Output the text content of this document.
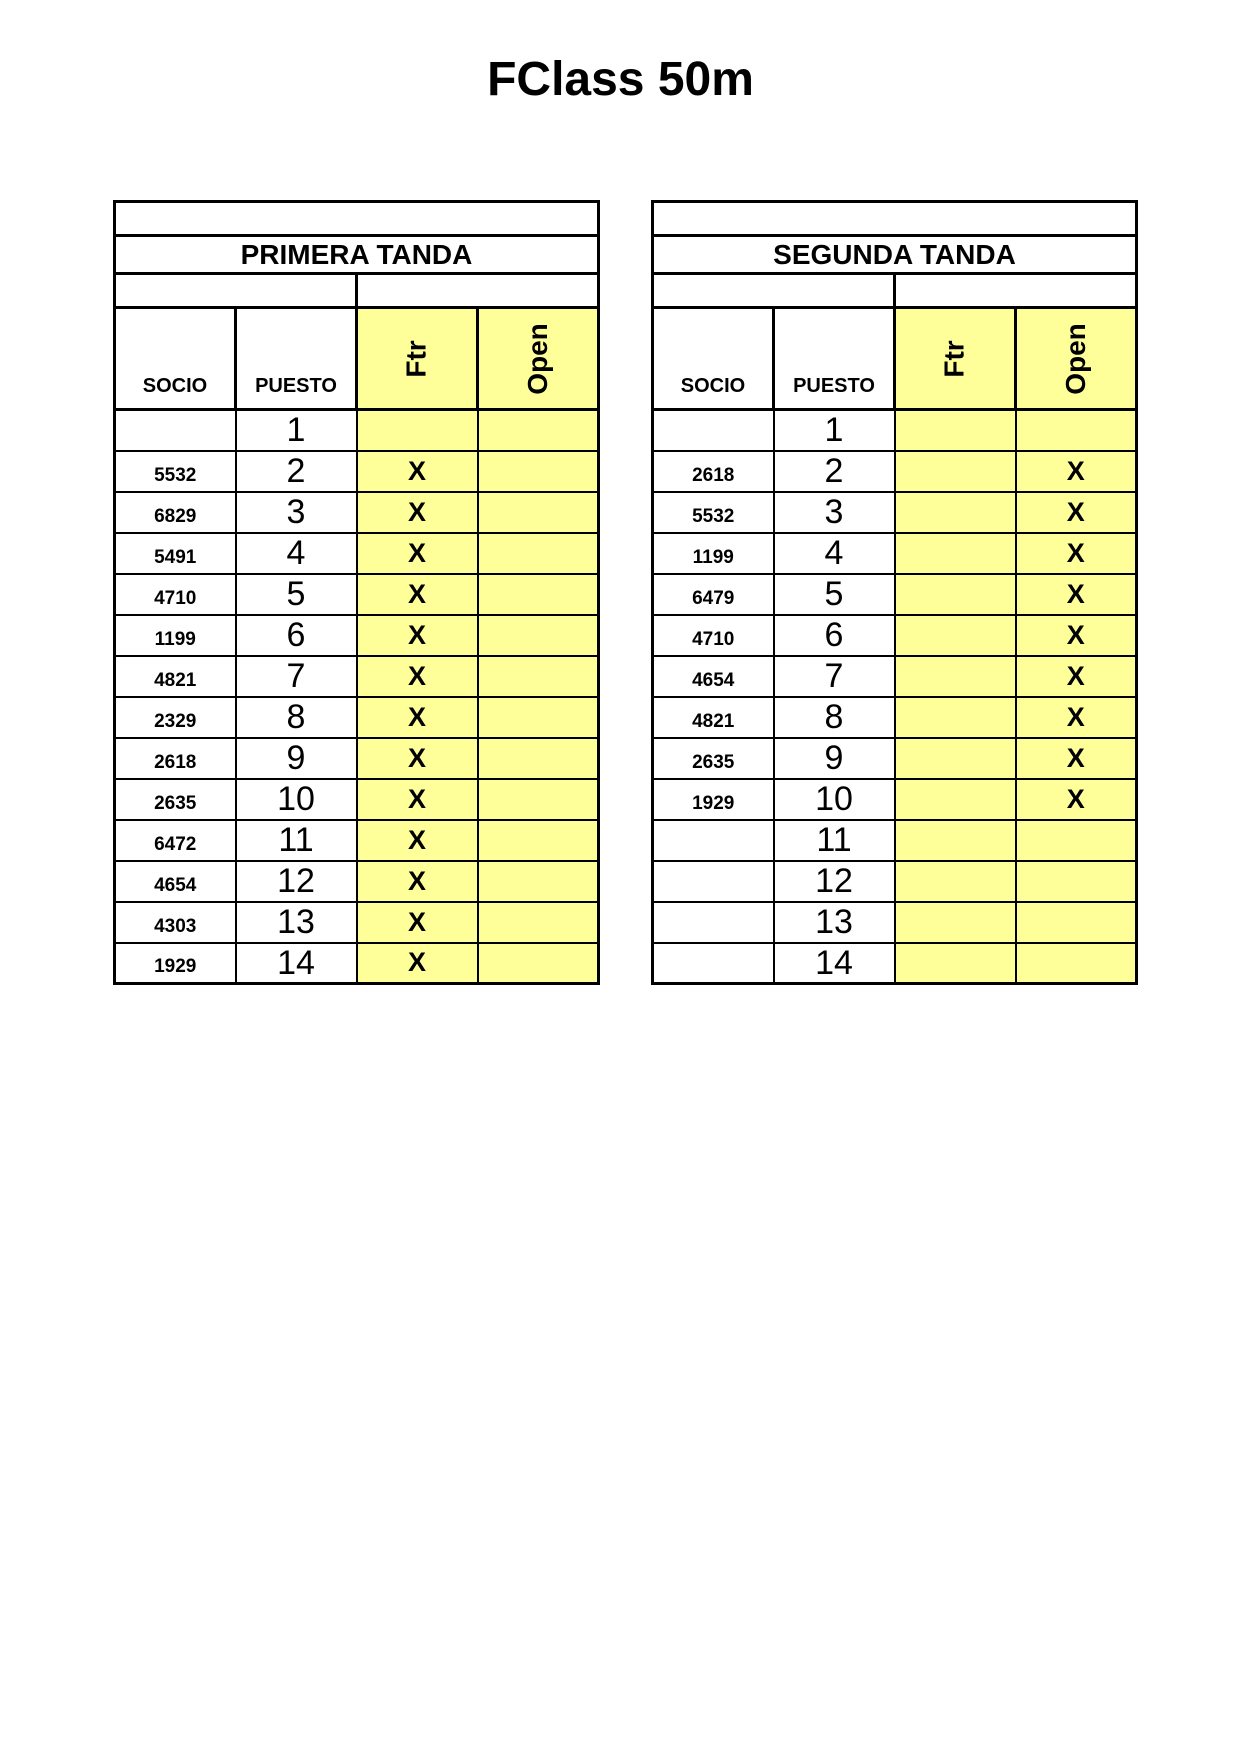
FClass 50m

PRIMERA TANDA			

SOCIO	PUESTO	Ftr	Open
	1		
5532	2	X	
6829	3	X	
5491	4	X	
4710	5	X	
1199	6	X	
4821	7	X	
2329	8	X	
2618	9	X	
2635	10	X	
6472	11	X	
4654	12	X	
4303	13	X	
1929	14	X	

SEGUNDA TANDA			

SOCIO	PUESTO	Ftr	Open
	1		
2618	2		X
5532	3		X
1199	4		X
6479	5		X
4710	6		X
4654	7		X
4821	8		X
2635	9		X
1929	10		X
	11		
	12		
	13		
	14		
